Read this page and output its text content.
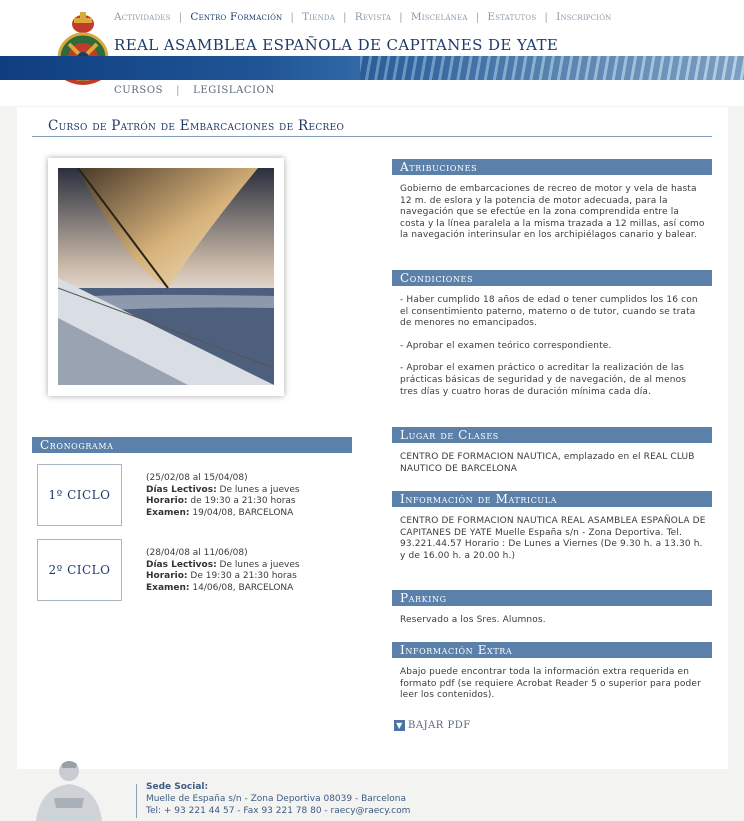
Actividades | Centro Formación | Tienda | Revista | Miscelánea | Estatutos | Inscripción
REAL ASAMBLEA ESPAÑOLA DE CAPITANES DE YATE
CURSOS | LEGISLACION
Curso de Patrón de Embarcaciones de Recreo
Cronograma
1º CICLO
(25/02/08 al 15/04/08)
Días Lectivos: De lunes a jueves
Horario: de 19:30 a 21:30 horas
Examen: 19/04/08, BARCELONA
2º CICLO
(28/04/08 al 11/06/08)
Días Lectivos: De lunes a jueves
Horario: De 19:30 a 21:30 horas
Examen: 14/06/08, BARCELONA
Atribuciones
Gobierno de embarcaciones de recreo de motor y vela de hasta 12 m. de eslora y la potencia de motor adecuada, para la navegación que se efectúe en la zona comprendida entre la costa y la línea paralela a la misma trazada a 12 millas, así como la navegación interinsular en los archipiélagos canario y balear.
Condiciones

- Haber cumplido 18 años de edad o tener cumplidos los 16 con el consentimiento paterno, materno o de tutor, cuando se trata de menores no emancipados.

- Aprobar el examen teórico correspondiente.

- Aprobar el examen práctico o acreditar la realización de las prácticas básicas de seguridad y de navegación, de al menos tres días y cuatro horas de duración mínima cada día.

Lugar de Clases
CENTRO DE FORMACION NAUTICA, emplazado en el REAL CLUB NAUTICO DE BARCELONA
Información de Matricula
CENTRO DE FORMACION NAUTICA REAL ASAMBLEA ESPAÑOLA DE CAPITANES DE YATE Muelle España s/n - Zona Deportiva. Tel. 93.221.44.57 Horario : De Lunes a Viernes (De 9.30 h. a 13.30 h. y de 16.00 h. a 20.00 h.)
Parking
Reservado a los Sres. Alumnos.
Información Extra
Abajo puede encontrar toda la información extra requerida en formato pdf (se requiere Acrobat Reader 5 o superior para poder leer los contenidos).
▼ BAJAR PDF
Sede Social:
Muelle de España s/n - Zona Deportiva 08039 - Barcelona
Tel: + 93 221 44 57 - Fax 93 221 78 80 - raecy@raecy.com
